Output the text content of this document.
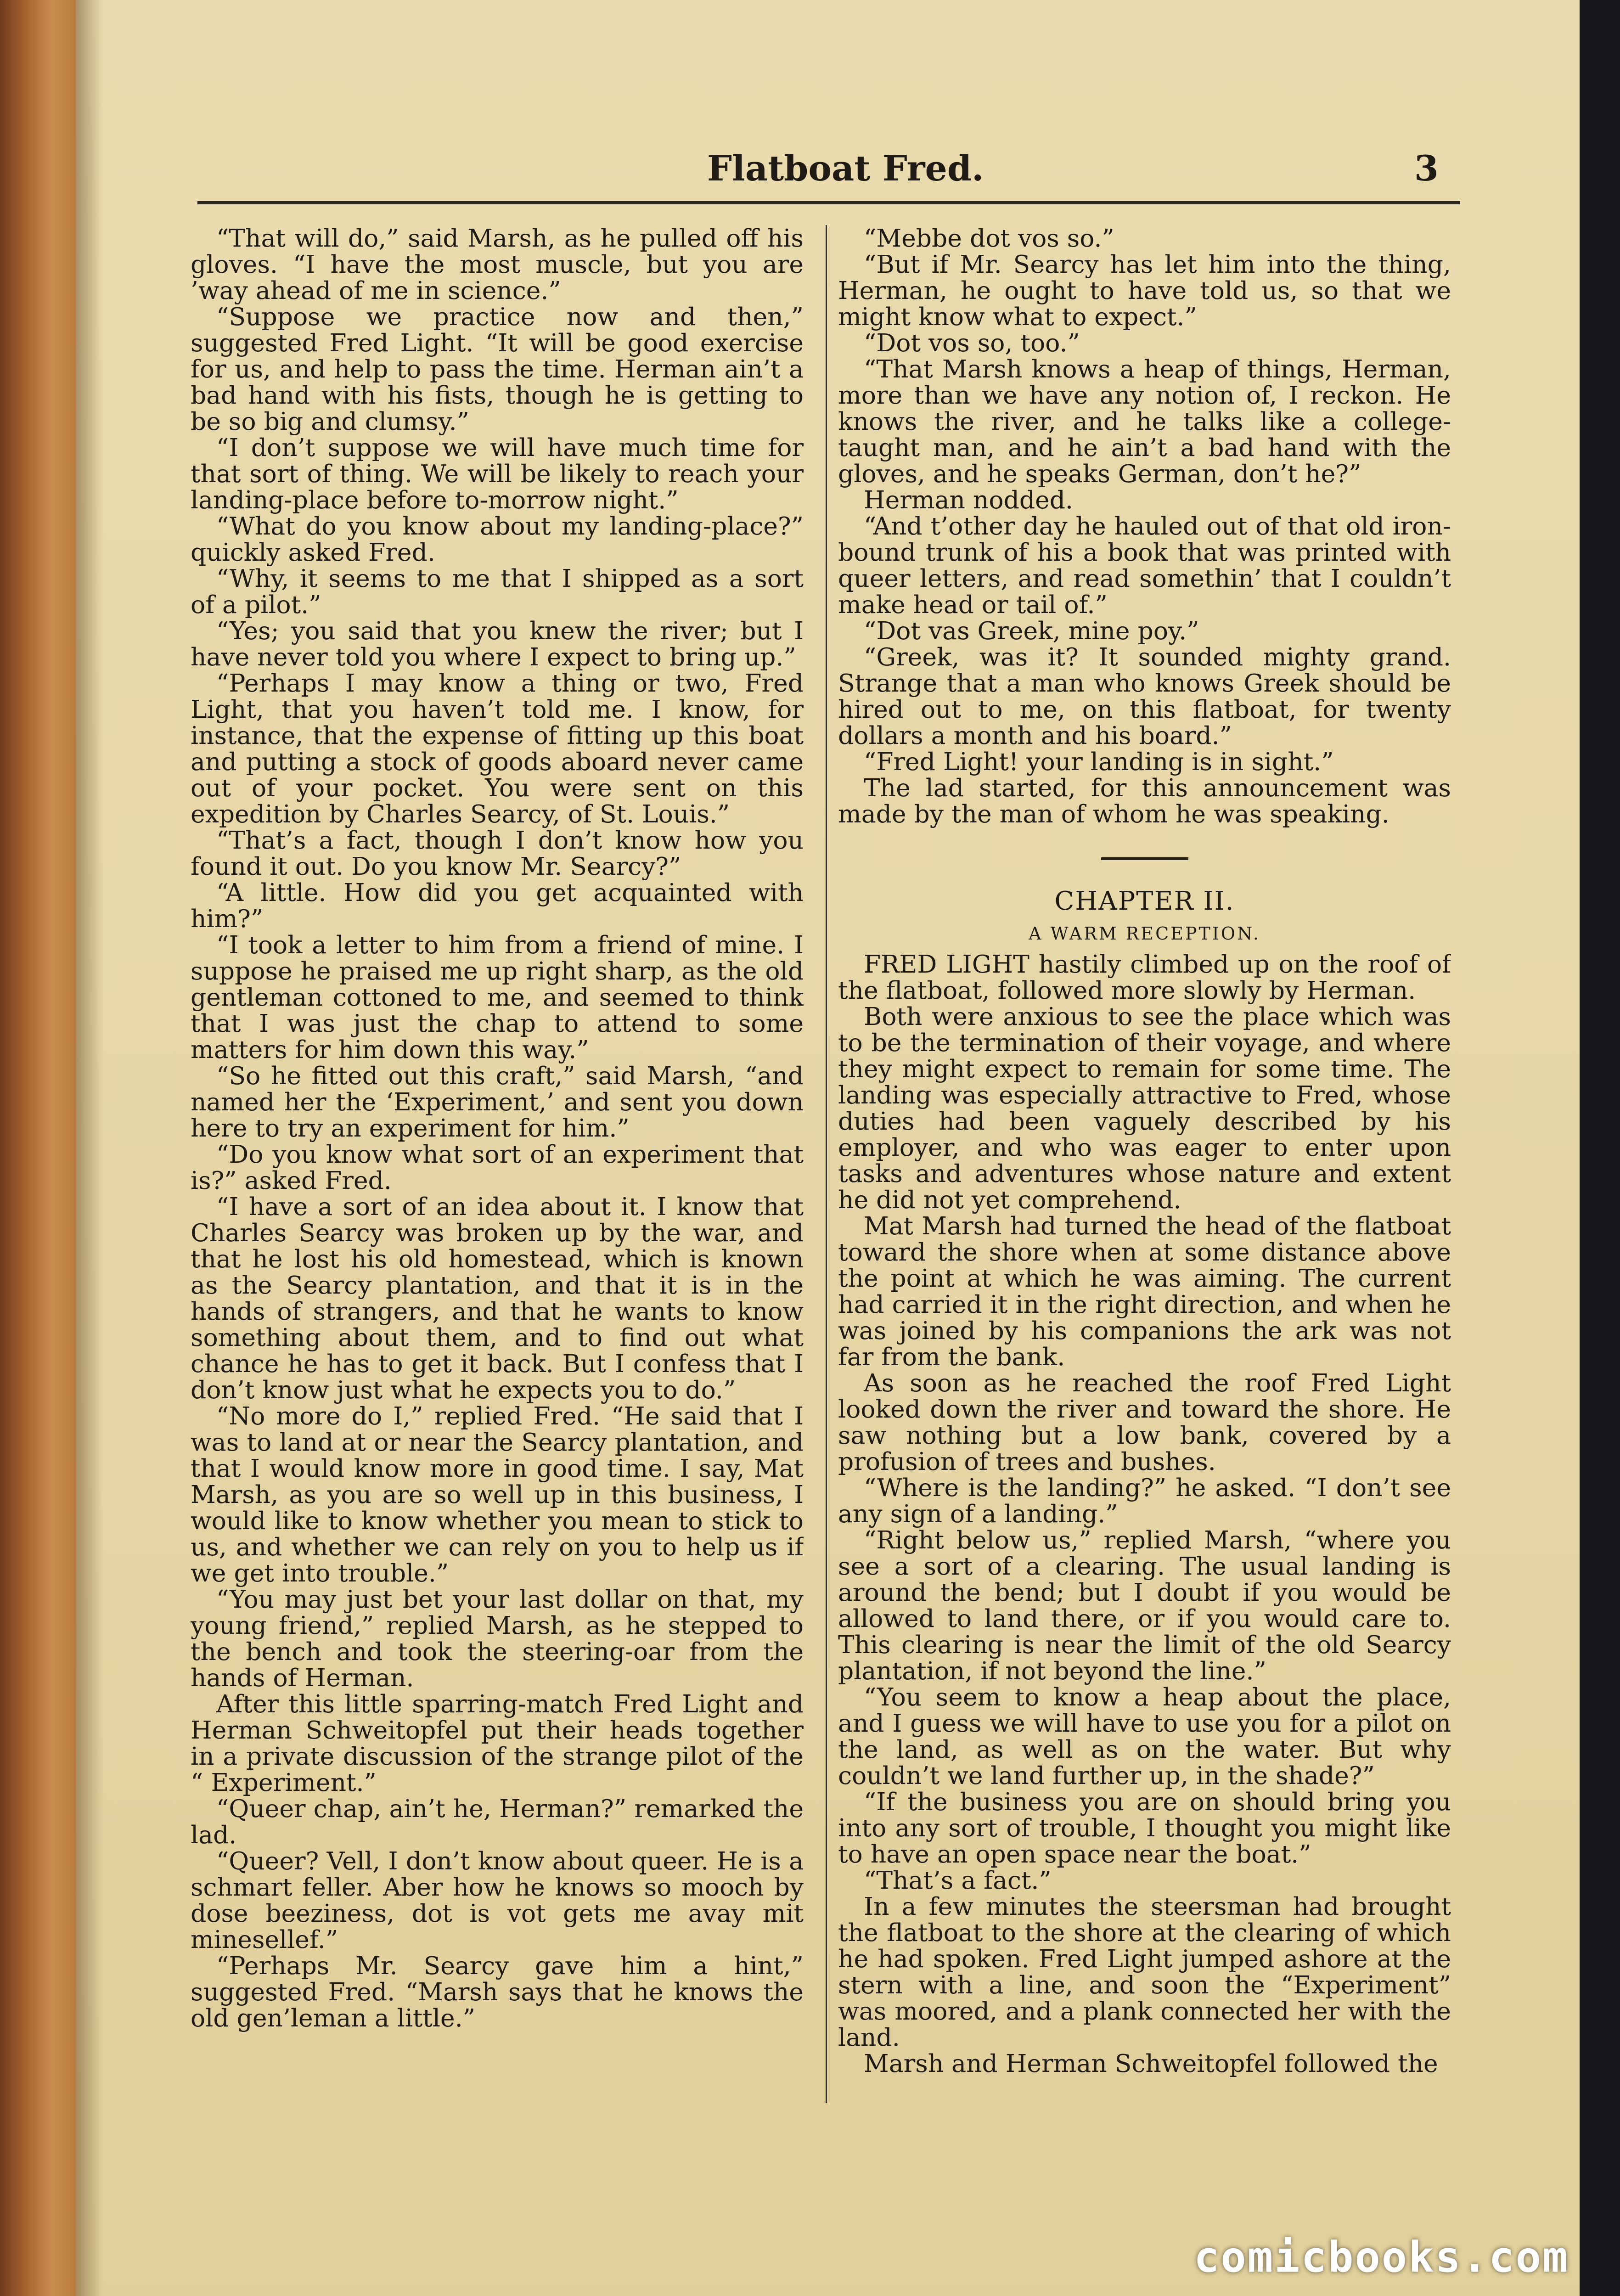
Flatboat Fred.	3

“That will do,” said Marsh, as he pulled off his gloves. “I have the most muscle, but you are ’way ahead of me in science.”

“Suppose we practice now and then,” suggested Fred Light. “It will be good exercise for us, and help to pass the time. Herman ain’t a bad hand with his fists, though he is getting to be so big and clumsy.”

“I don’t suppose we will have much time for that sort of thing. We will be likely to reach your landing-place before to-morrow night.”

“What do you know about my landing-place?” quickly asked Fred.

“Why, it seems to me that I shipped as a sort of a pilot.”

“Yes; you said that you knew the river; but I have never told you where I expect to bring up.”

“Perhaps I may know a thing or two, Fred Light, that you haven’t told me. I know, for instance, that the expense of fitting up this boat and putting a stock of goods aboard never came out of your pocket. You were sent on this expedition by Charles Searcy, of St. Louis.”

“That’s a fact, though I don’t know how you found it out. Do you know Mr. Searcy?”

“A little. How did you get acquainted with him?”

“I took a letter to him from a friend of mine. I suppose he praised me up right sharp, as the old gentleman cottoned to me, and seemed to think that I was just the chap to attend to some matters for him down this way.”

“So he fitted out this craft,” said Marsh, “and named her the ‘Experiment,’ and sent you down here to try an experiment for him.”

“Do you know what sort of an experiment that is?” asked Fred.

“I have a sort of an idea about it. I know that Charles Searcy was broken up by the war, and that he lost his old homestead, which is known as the Searcy plantation, and that it is in the hands of strangers, and that he wants to know something about them, and to find out what chance he has to get it back. But I confess that I don’t know just what he expects you to do.”

“No more do I,” replied Fred. “He said that I was to land at or near the Searcy plantation, and that I would know more in good time. I say, Mat Marsh, as you are so well up in this business, I would like to know whether you mean to stick to us, and whether we can rely on you to help us if we get into trouble.”

“You may just bet your last dollar on that, my young friend,” replied Marsh, as he stepped to the bench and took the steering-oar from the hands of Herman.

After this little sparring-match Fred Light and Herman Schweitopfel put their heads together in a private discussion of the strange pilot of the “ Experiment.”

“Queer chap, ain’t he, Herman?” remarked the lad.

“Queer? Vell, I don’t know about queer. He is a schmart feller. Aber how he knows so mooch by dose beeziness, dot is vot gets me avay mit minesellef.”

“Perhaps Mr. Searcy gave him a hint,” suggested Fred. “Marsh says that he knows the old gen’leman a little.”

“Mebbe dot vos so.”

“But if Mr. Searcy has let him into the thing, Herman, he ought to have told us, so that we might know what to expect.”

“Dot vos so, too.”

“That Marsh knows a heap of things, Herman, more than we have any notion of, I reckon. He knows the river, and he talks like a college-taught man, and he ain’t a bad hand with the gloves, and he speaks German, don’t he?”

Herman nodded.

“And t’other day he hauled out of that old iron-bound trunk of his a book that was printed with queer letters, and read somethin’ that I couldn’t make head or tail of.”

“Dot vas Greek, mine poy.”

“Greek, was it? It sounded mighty grand. Strange that a man who knows Greek should be hired out to me, on this flatboat, for twenty dollars a month and his board.”

“Fred Light! your landing is in sight.”

The lad started, for this announcement was made by the man of whom he was speaking.

CHAPTER II.
A WARM RECEPTION.

FRED LIGHT hastily climbed up on the roof of the flatboat, followed more slowly by Herman.

Both were anxious to see the place which was to be the termination of their voyage, and where they might expect to remain for some time. The landing was especially attractive to Fred, whose duties had been vaguely described by his employer, and who was eager to enter upon tasks and adventures whose nature and extent he did not yet comprehend.

Mat Marsh had turned the head of the flatboat toward the shore when at some distance above the point at which he was aiming. The current had carried it in the right direction, and when he was joined by his companions the ark was not far from the bank.

As soon as he reached the roof Fred Light looked down the river and toward the shore. He saw nothing but a low bank, covered by a profusion of trees and bushes.

“Where is the landing?” he asked. “I don’t see any sign of a landing.”

“Right below us,” replied Marsh, “where you see a sort of a clearing. The usual landing is around the bend; but I doubt if you would be allowed to land there, or if you would care to. This clearing is near the limit of the old Searcy plantation, if not beyond the line.”

“You seem to know a heap about the place, and I guess we will have to use you for a pilot on the land, as well as on the water. But why couldn’t we land further up, in the shade?”

“If the business you are on should bring you into any sort of trouble, I thought you might like to have an open space near the boat.”

“That’s a fact.”

In a few minutes the steersman had brought the flatboat to the shore at the clearing of which he had spoken. Fred Light jumped ashore at the stern with a line, and soon the “Experiment” was moored, and a plank connected her with the land.

Marsh and Herman Schweitopfel followed the

comicbooks.com
